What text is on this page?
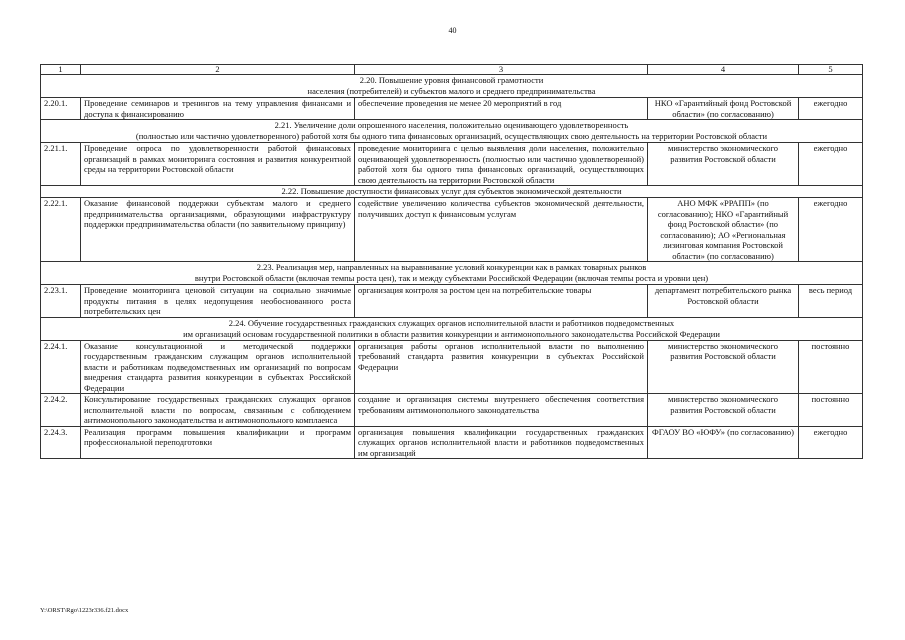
40
1	2	3	4	5

2.20. Повышение уровня финансовой грамотности
населения (потребителей) и субъектов малого и среднего предпринимательства				

2.20.1.	Проведение семинаров и тренингов на тему управления финансами и доступа к финансированию	обеспечение проведения не менее 20 мероприятий в год	НКО «Гарантийный фонд Ростовской области» (по согласованию)	ежегодно

2.21. Увеличение доли опрошенного населения, положительно оценивающего удовлетворенность
(полностью или частично удовлетворенного) работой хотя бы одного типа финансовых организаций, осуществляющих свою деятельность на территории Ростовской области				

2.21.1.	Проведение опроса по удовлетворенности работой финансовых организаций в рамках мониторинга состояния и развития конкурентной среды на территории Ростовской области	проведение мониторинга с целью выявления доли населения, положительно оценивающей удовлетворенность (полностью или частично удовлетворенной) работой хотя бы одного типа финансовых организаций, осуществляющих свою деятельность на территории Ростовской области	министерство экономического развития Ростовской области	ежегодно

2.22. Повышение доступности финансовых услуг для субъектов экономической деятельности				

2.22.1.	Оказание финансовой поддержки субъектам малого и среднего предпринимательства организациями, образующими инфраструктуру поддержки предпринимательства области (по заявительному принципу)	содействие увеличению количества субъектов экономической деятельности, получивших доступ к финансовым услугам	АНО МФК «РРАПП» (по согласованию); НКО «Гарантийный фонд Ростовской области» (по согласованию); АО «Региональная лизинговая компания Ростовской области» (по согласованию)	ежегодно

2.23. Реализация мер, направленных на выравнивание условий конкуренции как в рамках товарных рынков
внутри Ростовской области (включая темпы роста цен), так и между субъектами Российской Федерации (включая темпы роста и уровни цен)				

2.23.1.	Проведение мониторинга ценовой ситуации на социально значимые продукты питания в целях недопущения необоснованного роста потребительских цен	организация контроля за ростом цен на потребительские товары	департамент потребительского рынка Ростовской области	весь период

2.24. Обучение государственных гражданских служащих органов исполнительной власти и работников подведомственных
им организаций основам государственной политики в области развития конкуренции и антимонопольного законодательства Российской Федерации				

2.24.1.	Оказание консультационной и методической поддержки государственным гражданским служащим органов исполнительной власти и работникам подведомственных им организаций по вопросам внедрения стандарта развития конкуренции в субъектах Российской Федерации	организация работы органов исполнительной власти по выполнению требований стандарта развития конкуренции в субъектах Российской Федерации	министерство экономического развития Ростовской области	постоянно
2.24.2.	Консультирование государственных гражданских служащих органов исполнительной власти по вопросам, связанным с соблюдением антимонопольного законодательства и антимонопольного комплаенса	создание и организация системы внутреннего обеспечения соответствия требованиям антимонопольного законодательства	министерство экономического развития Ростовской области	постоянно
2.24.3.	Реализация программ повышения квалификации и программ профессиональной переподготовки	организация повышения квалификации государственных гражданских служащих органов исполнительной власти и работников подведомственных им организаций	ФГАОУ ВО «ЮФУ» (по согласованию)	ежегодно
Y:\ORST\Rgo\1223r336.f21.docx
